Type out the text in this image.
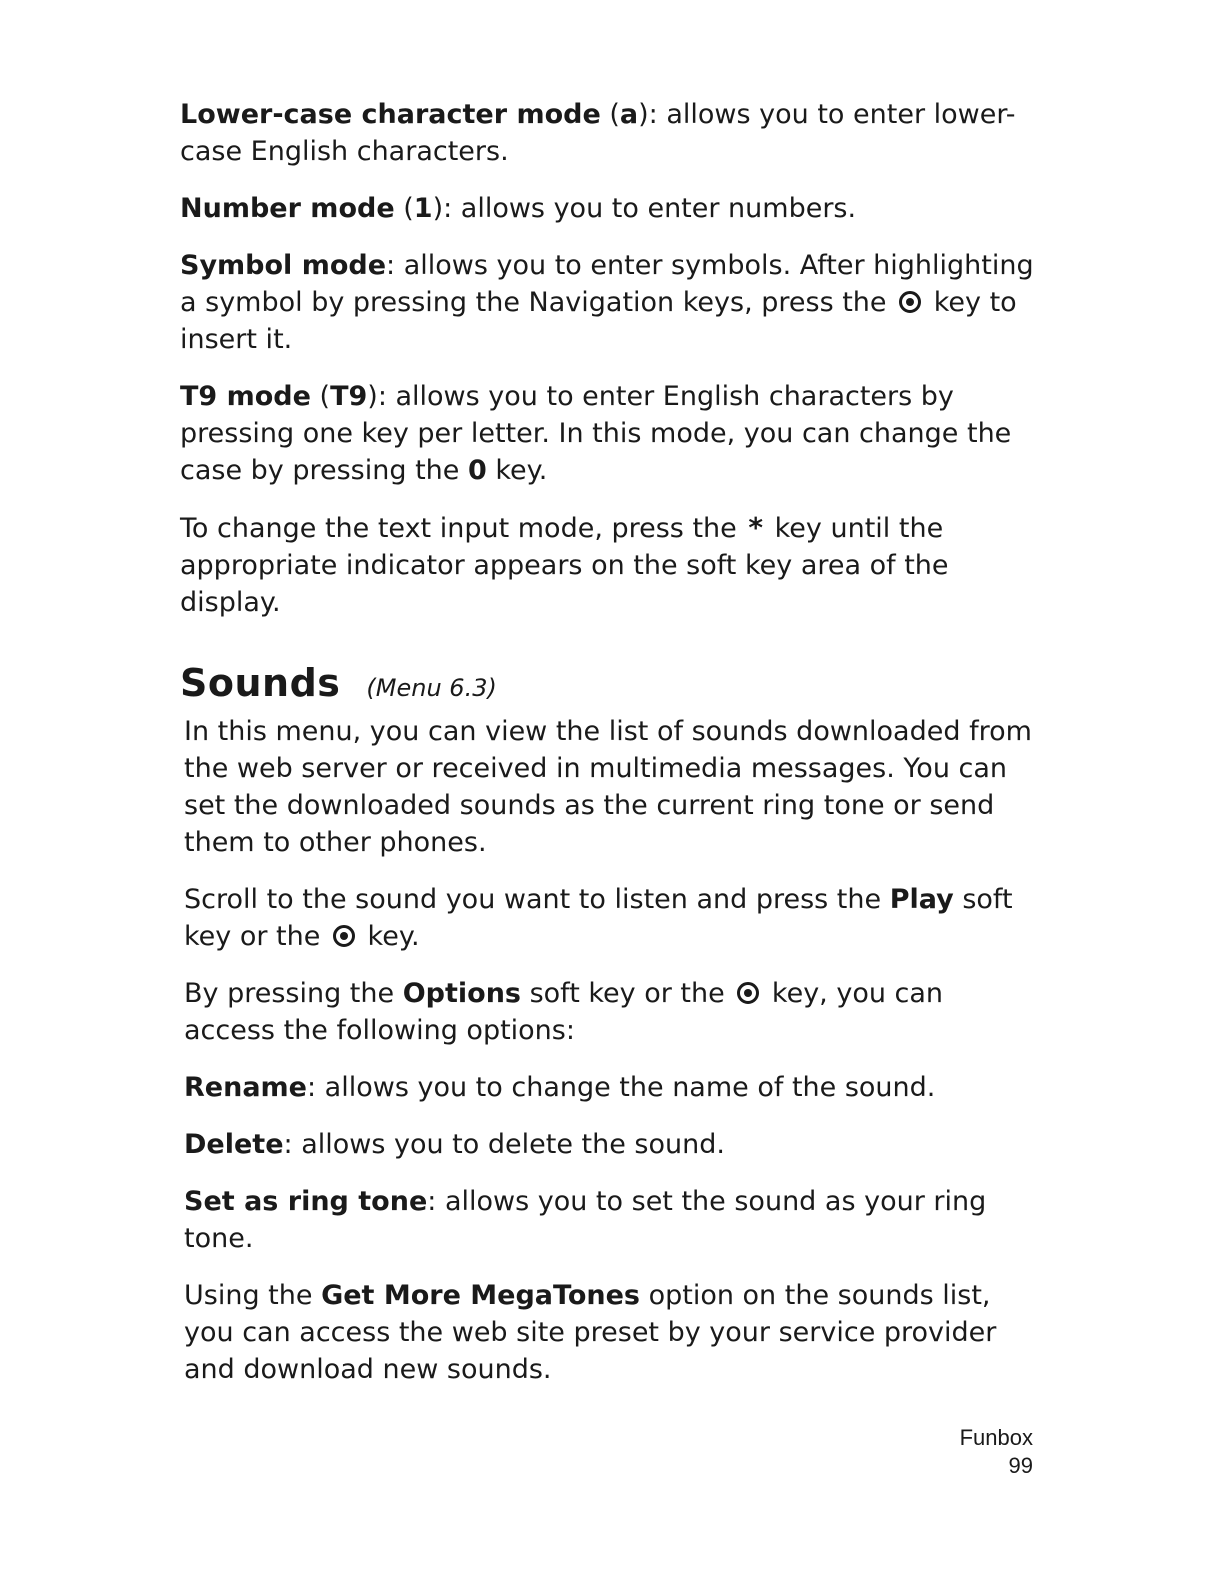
Lower-case character mode (a): allows you to enter lower-case English characters.

Number mode (1): allows you to enter numbers.

Symbol mode: allows you to enter symbols. After highlighting a symbol by pressing the Navigation keys, press the key to insert it.

T9 mode (T9): allows you to enter English characters by pressing one key per letter. In this mode, you can change the case by pressing the 0 key.

To change the text input mode, press the * key until the appropriate indicator appears on the soft key area of the display.

Sounds (Menu 6.3)

In this menu, you can view the list of sounds downloaded from the web server or received in multimedia messages. You can set the downloaded sounds as the current ring tone or send them to other phones.

Scroll to the sound you want to listen and press the Play soft key or the key.

By pressing the Options soft key or the key, you can access the following options:

Rename: allows you to change the name of the sound.

Delete: allows you to delete the sound.

Set as ring tone: allows you to set the sound as your ring tone.

Using the Get More MegaTones option on the sounds list, you can access the web site preset by your service provider and download new sounds.

Funbox
99
